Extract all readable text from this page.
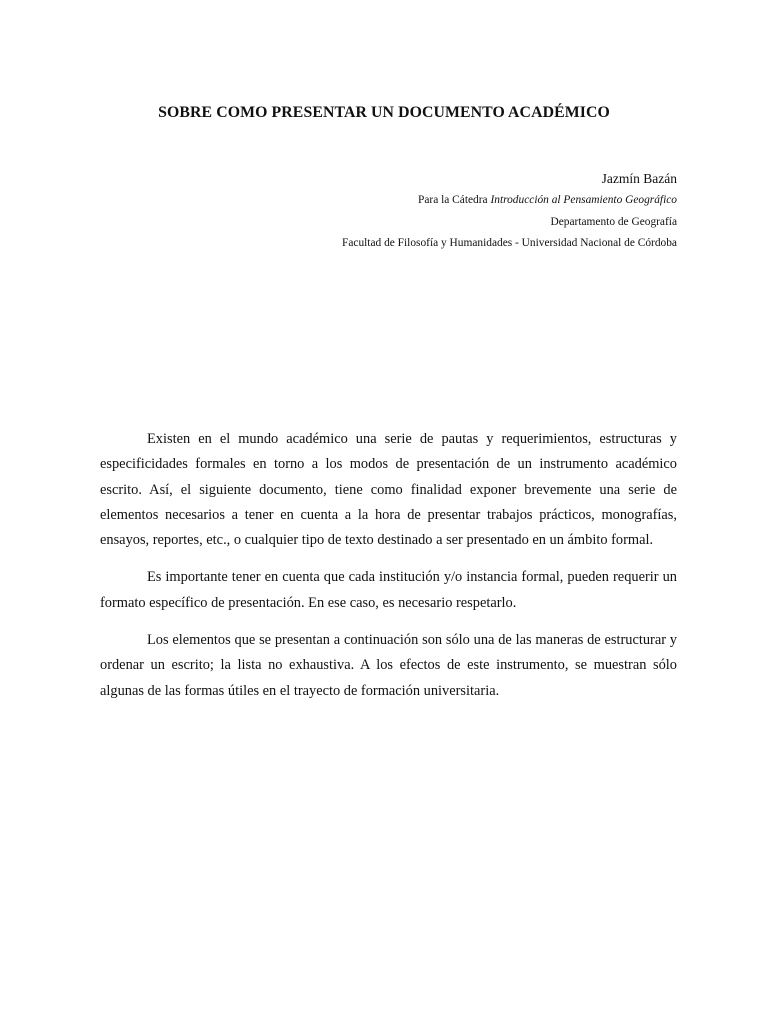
SOBRE COMO PRESENTAR UN DOCUMENTO ACADÉMICO
Jazmín Bazán
Para la Cátedra Introducción al Pensamiento Geográfico
Departamento de Geografía
Facultad de Filosofía y Humanidades - Universidad Nacional de Córdoba

Existen en el mundo académico una serie de pautas y requerimientos, estructuras y especificidades formales en torno a los modos de presentación de un instrumento académico escrito. Así, el siguiente documento, tiene como finalidad exponer brevemente una serie de elementos necesarios a tener en cuenta a la hora de presentar trabajos prácticos, monografías, ensayos, reportes, etc., o cualquier tipo de texto destinado a ser presentado en un ámbito formal.

Es importante tener en cuenta que cada institución y/o instancia formal, pueden requerir un formato específico de presentación. En ese caso, es necesario respetarlo.

Los elementos que se presentan a continuación son sólo una de las maneras de estructurar y ordenar un escrito; la lista no exhaustiva. A los efectos de este instrumento, se muestran sólo algunas de las formas útiles en el trayecto de formación universitaria.
